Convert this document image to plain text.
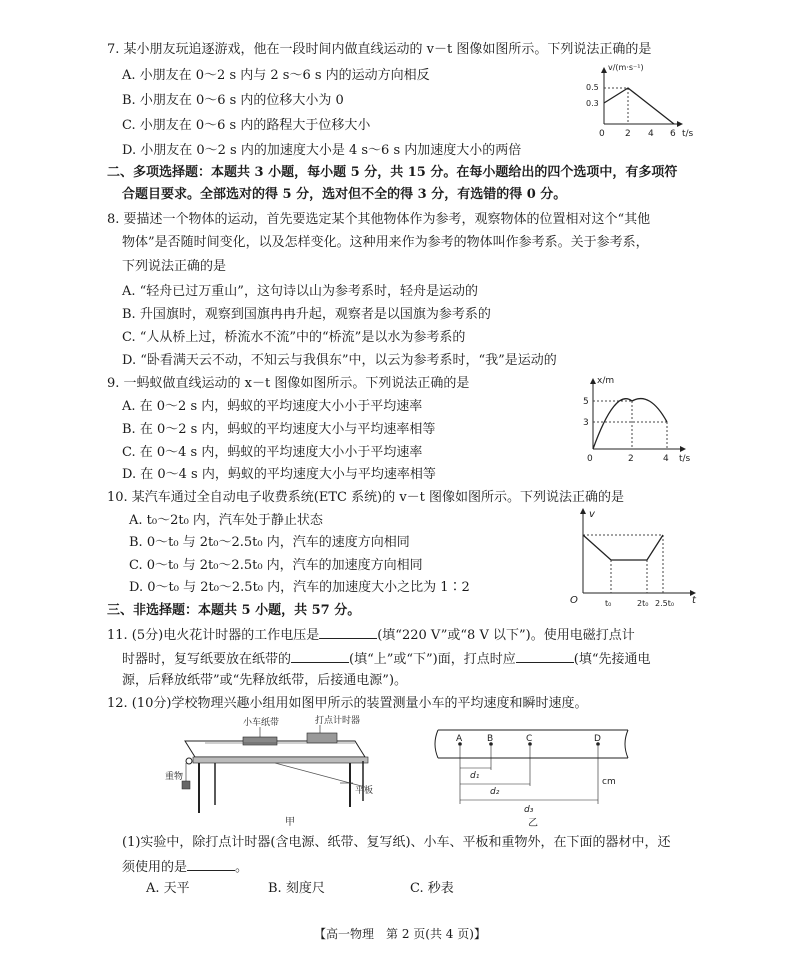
7. 某小朋友玩追逐游戏，他在一段时间内做直线运动的 v－t 图像如图所示。下列说法正确的是
A. 小朋友在 0～2 s 内与 2 s～6 s 内的运动方向相反
B. 小朋友在 0～6 s 内的位移大小为 0
C. 小朋友在 0～6 s 内的路程大于位移大小
D. 小朋友在 0～2 s 内的加速度大小是 4 s～6 s 内加速度大小的两倍
v/(m·s⁻¹)
t/s
0.5
0.3
0 2 4 6
二、多项选择题：本题共 3 小题，每小题 5 分，共 15 分。在每小题给出的四个选项中，有多项符
合题目要求。全部选对的得 5 分，选对但不全的得 3 分，有选错的得 0 分。
8. 要描述一个物体的运动，首先要选定某个其他物体作为参考，观察物体的位置相对这个“其他
物体”是否随时间变化，以及怎样变化。这种用来作为参考的物体叫作参考系。关于参考系，
下列说法正确的是
A. “轻舟已过万重山”，这句诗以山为参考系时，轻舟是运动的
B. 升国旗时，观察到国旗冉冉升起，观察者是以国旗为参考系的
C. “人从桥上过，桥流水不流”中的“桥流”是以水为参考系的
D. “卧看满天云不动，不知云与我俱东”中，以云为参考系时，“我”是运动的
9. 一蚂蚁做直线运动的 x－t 图像如图所示。下列说法正确的是
A. 在 0～2 s 内，蚂蚁的平均速度大小小于平均速率
B. 在 0～2 s 内，蚂蚁的平均速度大小与平均速率相等
C. 在 0～4 s 内，蚂蚁的平均速度大小小于平均速率
D. 在 0～4 s 内，蚂蚁的平均速度大小与平均速率相等
x/m
t/s
5
3
0	2	4
10. 某汽车通过全自动电子收费系统(ETC 系统)的 v－t 图像如图所示。下列说法正确的是
A. t₀～2t₀ 内，汽车处于静止状态
B. 0～t₀ 与 2t₀～2.5t₀ 内，汽车的速度方向相同
C. 0～t₀ 与 2t₀～2.5t₀ 内，汽车的加速度方向相同
D. 0～t₀ 与 2t₀～2.5t₀ 内，汽车的加速度大小之比为 1∶2
v
t
O	t₀	2t₀ 2.5t₀
三、非选择题：本题共 5 小题，共 57 分。
11. (5分)电火花计时器的工作电压是	(填“220 V”或“8 V 以下”)。使用电磁打点计
时器时，复写纸要放在纸带的	(填“上”或“下”)面，打点时应	(填“先接通电
源，后释放纸带”或“先释放纸带，后接通电源”)。
12. (10分)学校物理兴趣小组用如图甲所示的装置测量小车的平均速度和瞬时速度。
小车纸带	打点计时器
重物
平板
甲
A	B	C	D
d₁
d₂
d₃
cm
乙
(1)实验中，除打点计时器(含电源、纸带、复写纸)、小车、平板和重物外，在下面的器材中，还
须使用的是	。
A. 天平	B. 刻度尺	C. 秒表
【高一物理　第 2 页(共 4 页)】
